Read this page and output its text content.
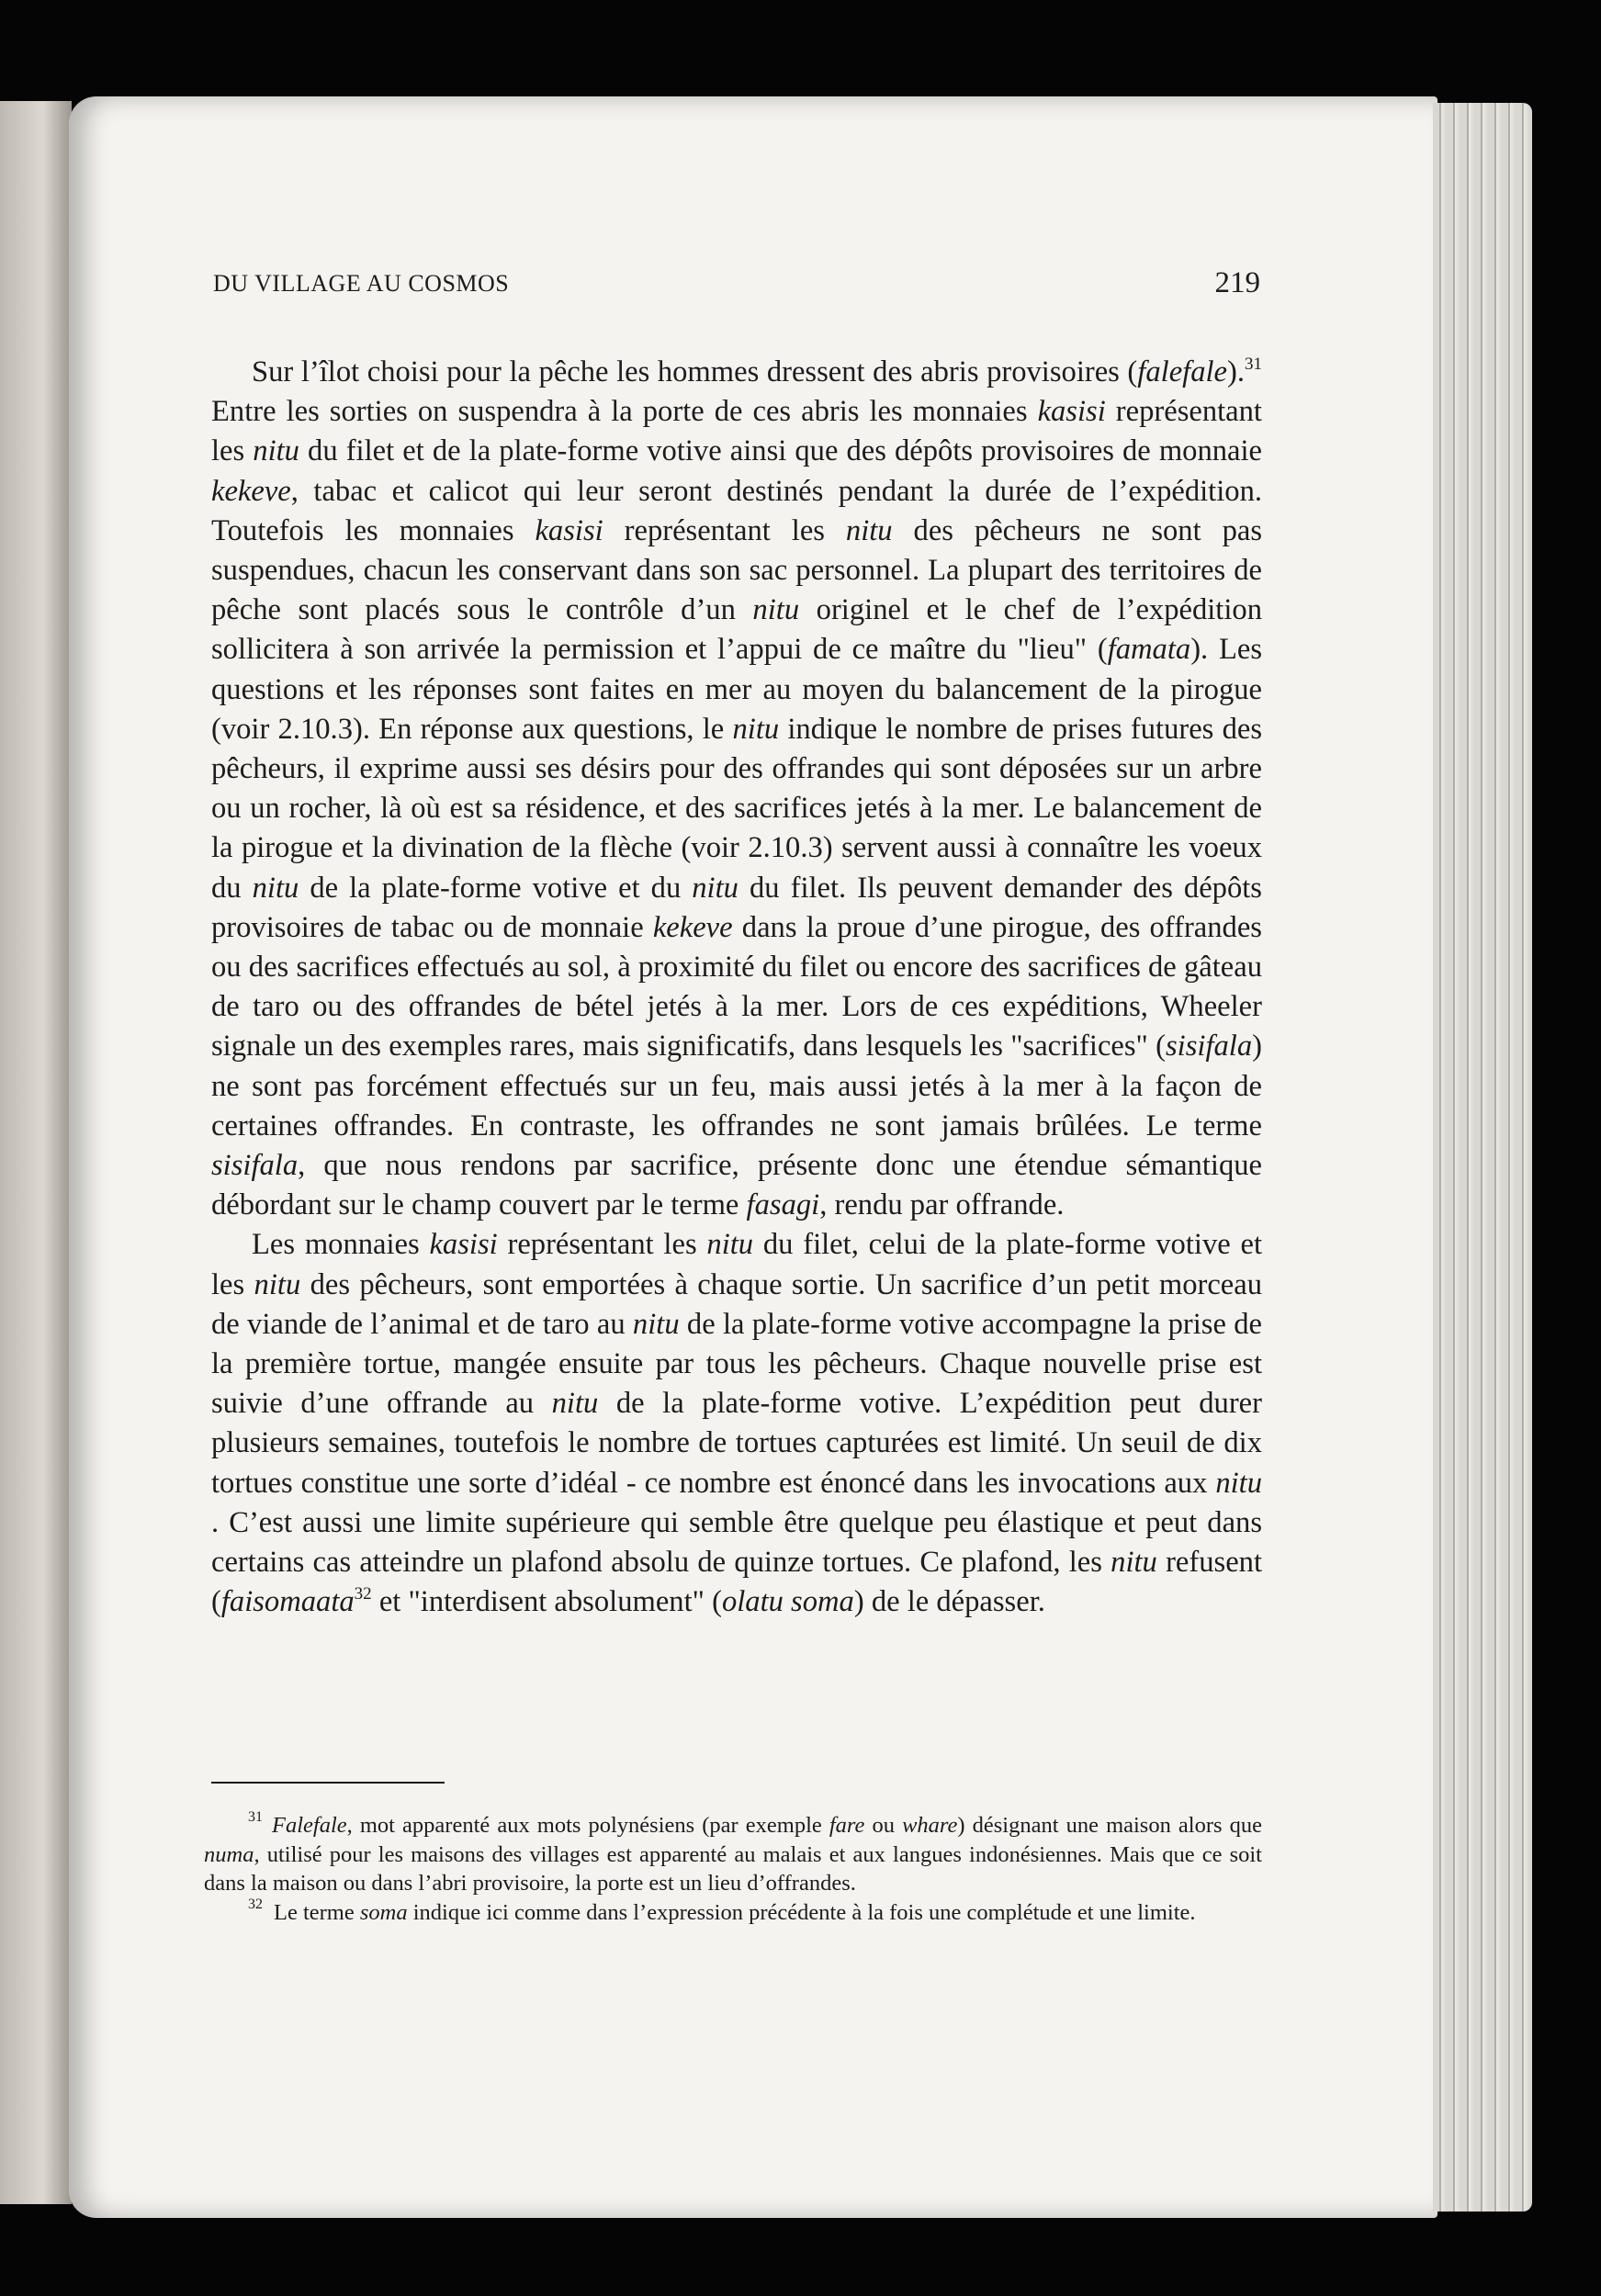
DU VILLAGE AU COSMOS	219

Sur l’îlot choisi pour la pêche les hommes dressent des abris provisoires (falefale).$^{31}$ Entre les sorties on suspendra à la porte de ces abris les monnaies kasisi représentant les nitu du filet et de la plate-forme votive ainsi que des dépôts provisoires de monnaie kekeve, tabac et calicot qui leur seront destinés pendant la durée de l’expédition. Toutefois les monnaies kasisi représentant les nitu des pêcheurs ne sont pas suspendues, chacun les conservant dans son sac personnel. La plupart des territoires de pêche sont placés sous le contrôle d’un nitu originel et le chef de l’expédition sollicitera à son arrivée la permission et l’appui de ce maître du "lieu" (famata). Les questions et les réponses sont faites en mer au moyen du balancement de la pirogue (voir 2.10.3). En réponse aux questions, le nitu indique le nombre de prises futures des pêcheurs, il exprime aussi ses désirs pour des offrandes qui sont déposées sur un arbre ou un rocher, là où est sa résidence, et des sacrifices jetés à la mer. Le balancement de la pirogue et la divination de la flèche (voir 2.10.3) servent aussi à connaître les voeux du nitu de la plate-forme votive et du nitu du filet. Ils peuvent demander des dépôts provisoires de tabac ou de monnaie kekeve dans la proue d’une pirogue, des offrandes ou des sacrifices effectués au sol, à proximité du filet ou encore des sacrifices de gâteau de taro ou des offrandes de bétel jetés à la mer. Lors de ces expéditions, Wheeler signale un des exemples rares, mais significatifs, dans lesquels les "sacrifices" (sisifala) ne sont pas forcément effectués sur un feu, mais aussi jetés à la mer à la façon de certaines offrandes. En contraste, les offrandes ne sont jamais brûlées. Le terme sisifala, que nous rendons par sacrifice, présente donc une étendue sémantique débordant sur le champ couvert par le terme fasagi, rendu par offrande.

Les monnaies kasisi représentant les nitu du filet, celui de la plate-forme votive et les nitu des pêcheurs, sont emportées à chaque sortie. Un sacrifice d’un petit morceau de viande de l’animal et de taro au nitu de la plate-forme votive accompagne la prise de la première tortue, mangée ensuite par tous les pêcheurs. Chaque nouvelle prise est suivie d’une offrande au nitu de la plate-forme votive. L’expédition peut durer plusieurs semaines, toutefois le nombre de tortues capturées est limité. Un seuil de dix tortues constitue une sorte d’idéal - ce nombre est énoncé dans les invocations aux nitu . C’est aussi une limite supérieure qui semble être quelque peu élastique et peut dans certains cas atteindre un plafond absolu de quinze tortues. Ce plafond, les nitu refusent (faisomaata$^{32}$ et "interdisent absolument" (olatu soma) de le dépasser.

$^{31}$ Falefale, mot apparenté aux mots polynésiens (par exemple fare ou whare) désignant une maison alors que numa, utilisé pour les maisons des villages est apparenté au malais et aux langues indonésiennes. Mais que ce soit dans la maison ou dans l’abri provisoire, la porte est un lieu d’offrandes.

$^{32}$ Le terme soma indique ici comme dans l’expression précédente à la fois une complétude et une limite.
